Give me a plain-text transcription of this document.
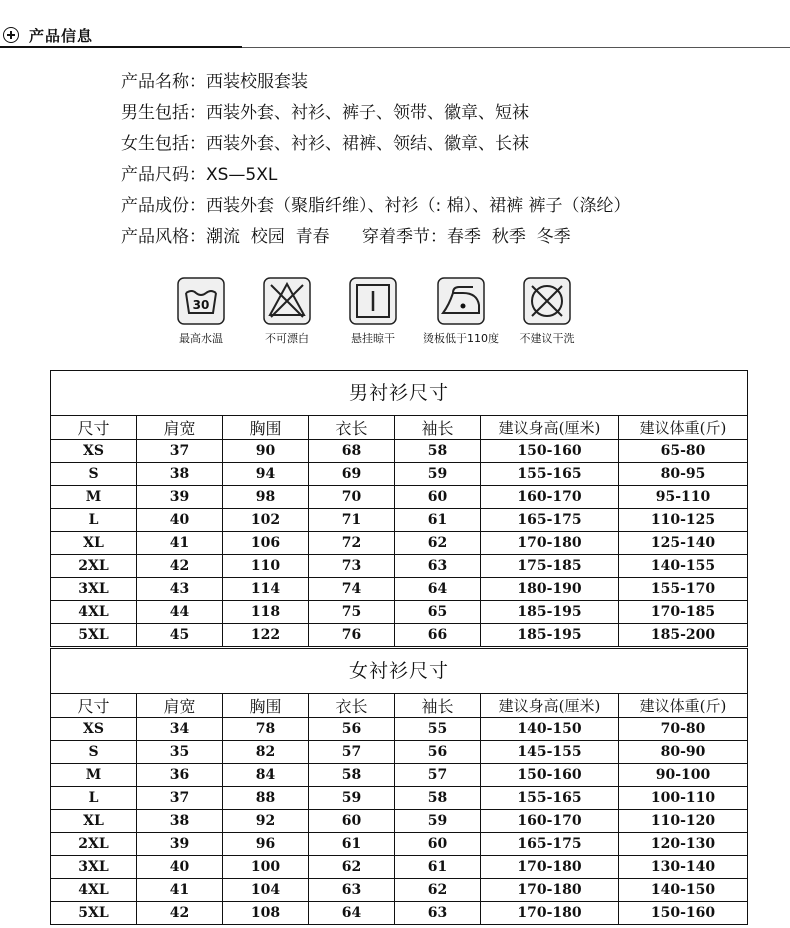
产品信息
产品名称：西装校服套装
男生包括：西装外套、衬衫、裤子、领带、徽章、短袜
女生包括：西装外套、衬衫、裙裤、领结、徽章、长袜
产品尺码：XS—5XL
产品成份：西装外套（聚脂纤维）、衬衫（: 棉）、裙裤 裤子（涤纶）
产品风格：潮流  校园  青春      穿着季节：春季  秋季  冬季
30
最高水温	不可漂白	悬挂晾干	烫板低于110度	不建议干洗
男衬衫尺寸
尺寸	肩宽	胸围	衣长	袖长	建议身高(厘米)	建议体重(斤)
XS	37	90	68	58	150-160	65-80
S	38	94	69	59	155-165	80-95
M	39	98	70	60	160-170	95-110
L	40	102	71	61	165-175	110-125
XL	41	106	72	62	170-180	125-140
2XL	42	110	73	63	175-185	140-155
3XL	43	114	74	64	180-190	155-170
4XL	44	118	75	65	185-195	170-185
5XL	45	122	76	66	185-195	185-200
女衬衫尺寸
尺寸	肩宽	胸围	衣长	袖长	建议身高(厘米)	建议体重(斤)
XS	34	78	56	55	140-150	70-80
S	35	82	57	56	145-155	80-90
M	36	84	58	57	150-160	90-100
L	37	88	59	58	155-165	100-110
XL	38	92	60	59	160-170	110-120
2XL	39	96	61	60	165-175	120-130
3XL	40	100	62	61	170-180	130-140
4XL	41	104	63	62	170-180	140-150
5XL	42	108	64	63	170-180	150-160
